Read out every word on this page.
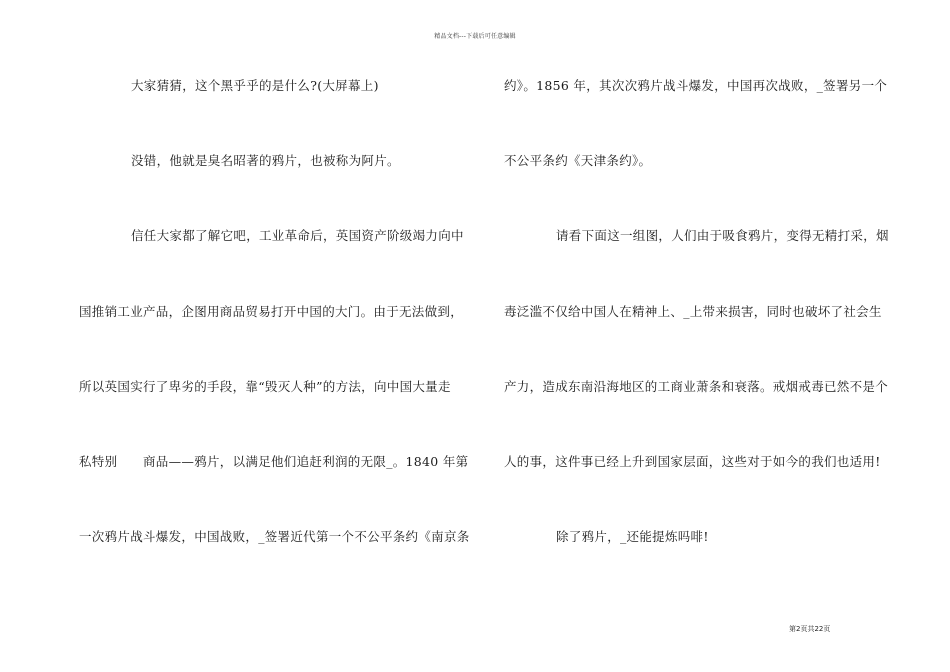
精品文档---下载后可任意编辑
大家猜猜，这个黑乎乎的是什么?(大屏幕上)
没错，他就是臭名昭著的鸦片，也被称为阿片。
信任大家都了解它吧，工业革命后，英国资产阶级竭力向中
国推销工业产品，企图用商品贸易打开中国的大门。由于无法做到，
所以英国实行了卑劣的手段，靠“毁灭人种”的方法，向中国大量走
私特别　　商品——鸦片，以满足他们追赶利润的无限_。1840 年第
一次鸦片战斗爆发，中国战败，_签署近代第一个不公平条约《南京条
约》。1856 年，其次次鸦片战斗爆发，中国再次战败，_签署另一个
不公平条约《天津条约》。
请看下面这一组图，人们由于吸食鸦片，变得无精打采，烟
毒泛滥不仅给中国人在精神上、_上带来损害，同时也破坏了社会生
产力，造成东南沿海地区的工商业萧条和衰落。戒烟戒毒已然不是个
人的事，这件事已经上升到国家层面，这些对于如今的我们也适用!
除了鸦片，_还能提炼吗啡!
第2页共22页
